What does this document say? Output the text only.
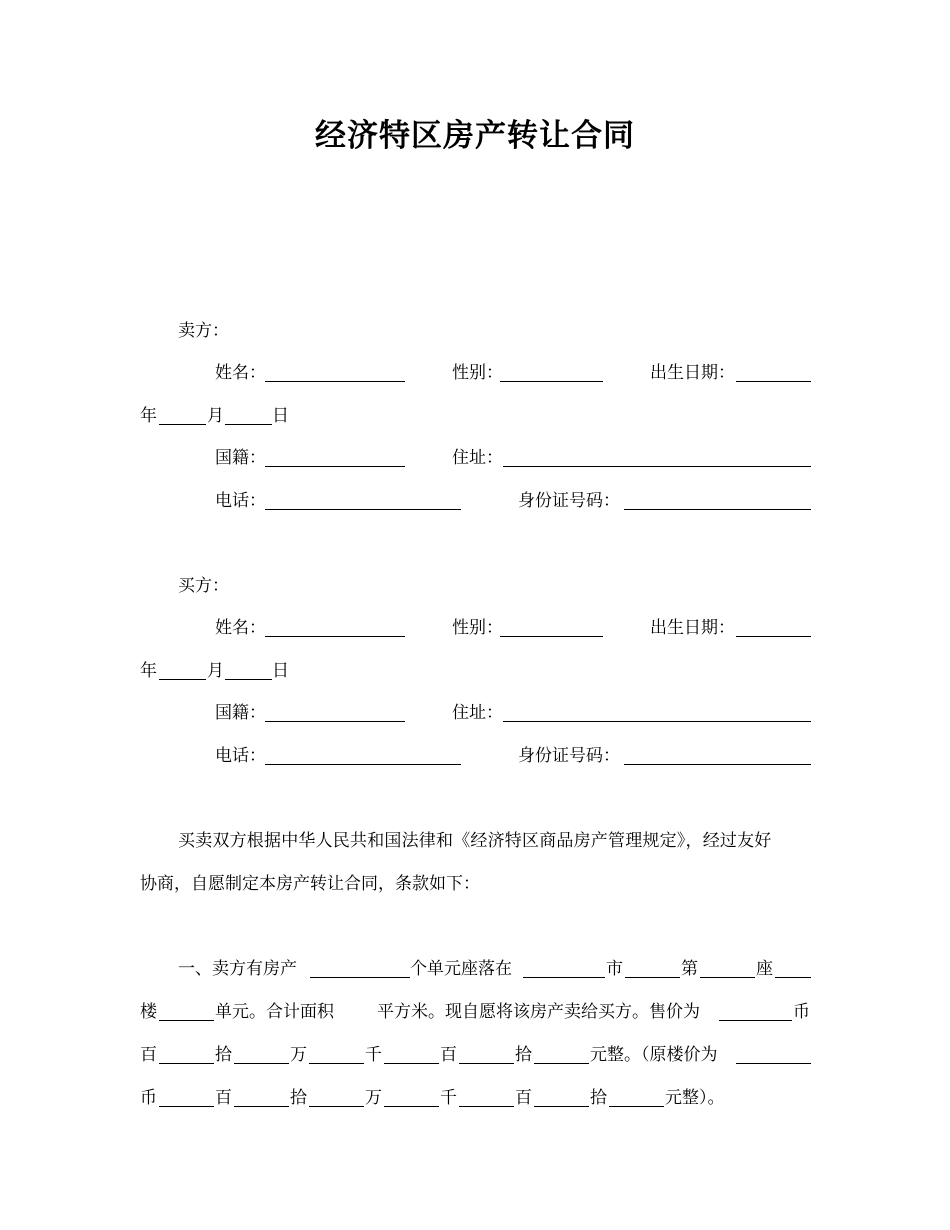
经济特区房产转让合同
卖方：
姓名：	性别：	出生日期：
年	月	日
国籍：	住址：
电话：	身份证号码：
买方：
姓名：	性别：	出生日期：
年	月	日
国籍：	住址：
电话：	身份证号码：
买卖双方根据中华人民共和国法律和《经济特区商品房产管理规定》，经过友好
协商，自愿制定本房产转让合同，条款如下：
一、卖方有房产	个单元座落在	市	第	座
楼	单元。合计面积	平方米。现自愿将该房产卖给买方。售价为	币
百	拾	万	千	百	拾	元整。（原楼价为
币	百	拾	万	千	百	拾	元整）。
